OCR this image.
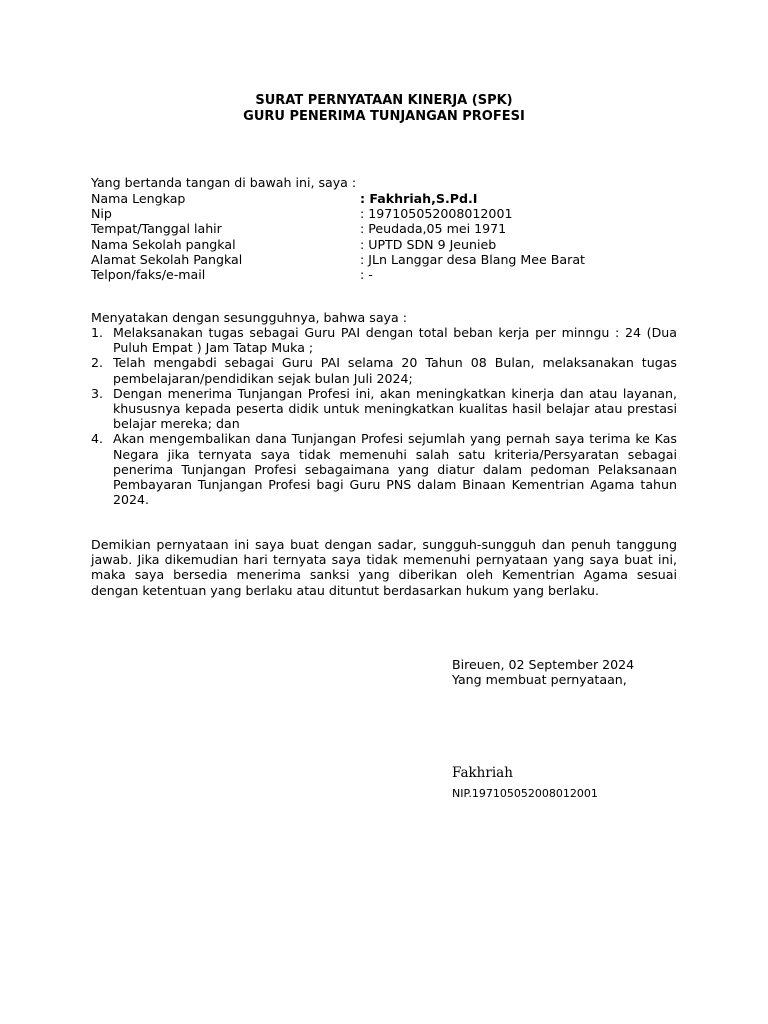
SURAT PERNYATAAN KINERJA (SPK)
GURU PENERIMA TUNJANGAN PROFESI
Yang bertanda tangan di bawah ini, saya :
Nama Lengkap	: Fakhriah,S.Pd.I
Nip	: 197105052008012001
Tempat/Tanggal lahir	: Peudada,05 mei 1971
Nama Sekolah pangkal	: UPTD SDN 9 Jeunieb
Alamat Sekolah Pangkal	: JLn Langgar desa Blang Mee Barat
Telpon/faks/e-mail	: -
Menyatakan dengan sesungguhnya, bahwa saya :
1. Melaksanakan tugas sebagai Guru PAI dengan total beban kerja per minngu : 24 (Dua Puluh Empat ) Jam Tatap Muka ;
2. Telah mengabdi sebagai Guru PAI selama 20 Tahun 08 Bulan, melaksanakan tugas pembelajaran/pendidikan sejak bulan Juli 2024;
3. Dengan menerima Tunjangan Profesi ini, akan meningkatkan kinerja dan atau layanan, khususnya kepada peserta didik untuk meningkatkan kualitas hasil belajar atau prestasi belajar mereka; dan
4. Akan mengembalikan dana Tunjangan Profesi sejumlah yang pernah saya terima ke Kas Negara jika ternyata saya tidak memenuhi salah satu kriteria/Persyaratan sebagai penerima Tunjangan Profesi sebagaimana yang diatur dalam pedoman Pelaksanaan Pembayaran Tunjangan Profesi bagi Guru PNS dalam Binaan Kementrian Agama tahun 2024.

Demikian pernyataan ini saya buat dengan sadar, sungguh-sungguh dan penuh tanggung jawab. Jika dikemudian hari ternyata saya tidak memenuhi pernyataan yang saya buat ini, maka saya bersedia menerima sanksi yang diberikan oleh Kementrian Agama sesuai dengan ketentuan yang berlaku atau dituntut berdasarkan hukum yang berlaku.

Bireuen, 02 September 2024
Yang membuat pernyataan,
Fakhriah
NIP.197105052008012001
